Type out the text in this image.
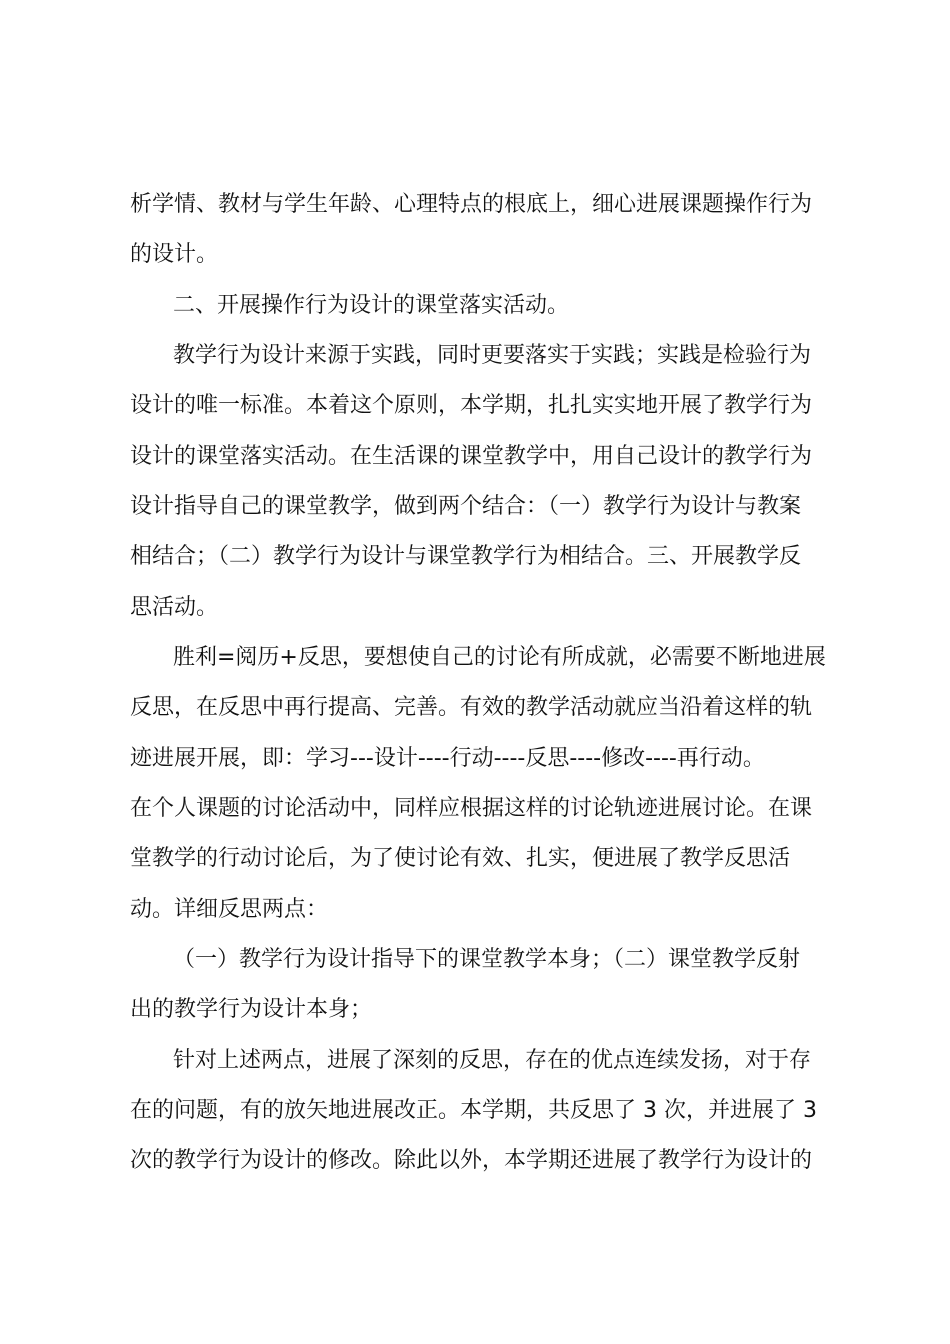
析学情、教材与学生年龄、心理特点的根底上，细心进展课题操作行为
的设计。
二、开展操作行为设计的课堂落实活动。
教学行为设计来源于实践，同时更要落实于实践；实践是检验行为
设计的唯一标准。本着这个原则，本学期，扎扎实实地开展了教学行为
设计的课堂落实活动。在生活课的课堂教学中，用自己设计的教学行为
设计指导自己的课堂教学，做到两个结合：（一）教学行为设计与教案
相结合；（二）教学行为设计与课堂教学行为相结合。三、开展教学反
思活动。
胜利=阅历+反思，要想使自己的讨论有所成就，必需要不断地进展
反思，在反思中再行提高、完善。有效的教学活动就应当沿着这样的轨
迹进展开展，即：学习---设计----行动----反思----修改----再行动。
在个人课题的讨论活动中，同样应根据这样的讨论轨迹进展讨论。在课
堂教学的行动讨论后，为了使讨论有效、扎实，便进展了教学反思活
动。详细反思两点：
（一）教学行为设计指导下的课堂教学本身；（二）课堂教学反射
出的教学行为设计本身；
针对上述两点，进展了深刻的反思，存在的优点连续发扬，对于存
在的问题，有的放矢地进展改正。本学期，共反思了 3 次，并进展了 3
次的教学行为设计的修改。除此以外，本学期还进展了教学行为设计的
